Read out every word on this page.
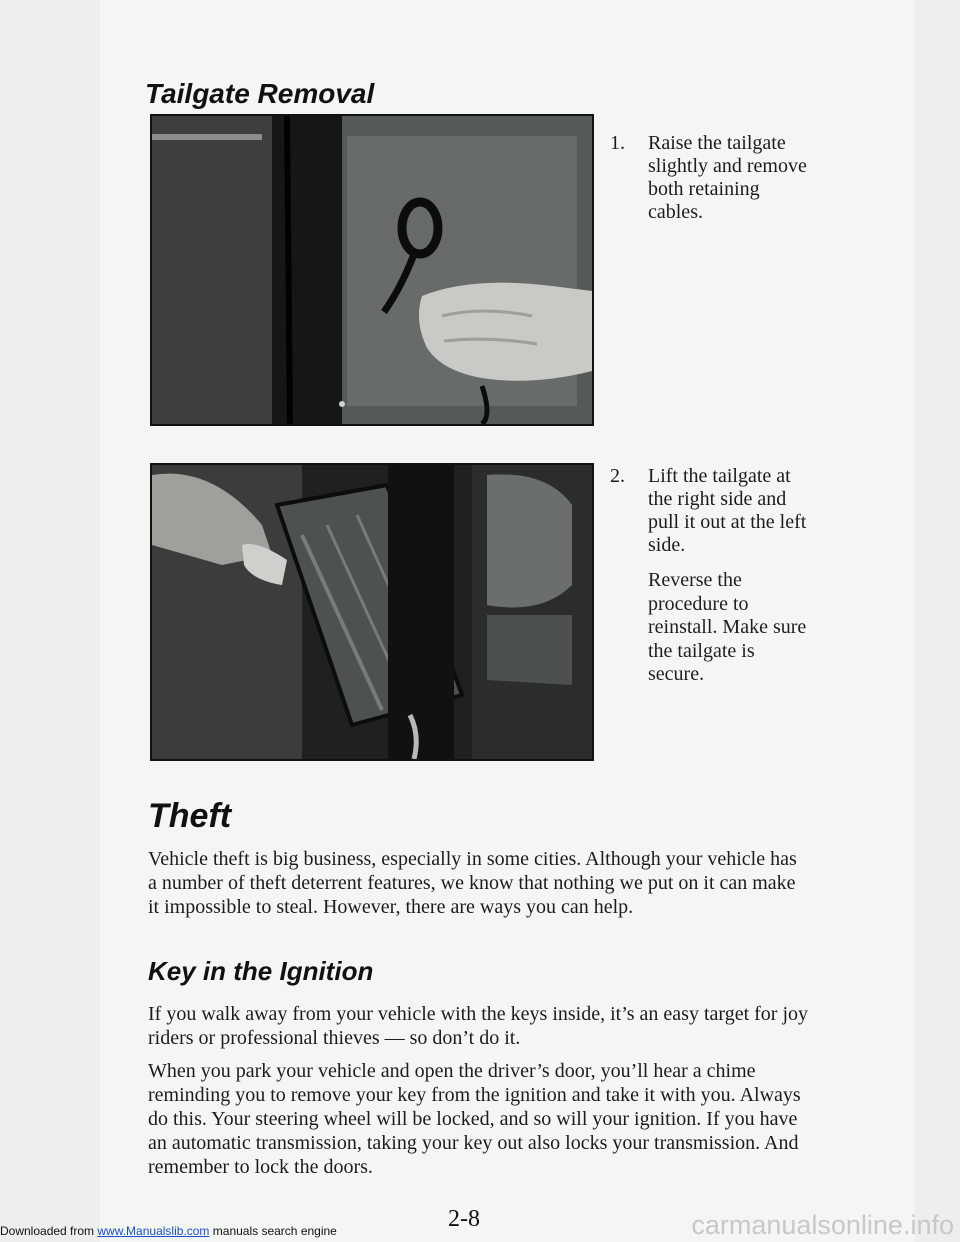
Tailgate Removal
1. Raise the tailgate slightly and remove both retaining cables.
2. Lift the tailgate at the right side and pull it out at the left side.
Reverse the procedure to reinstall. Make sure the tailgate is secure.
Theft

Vehicle theft is big business, especially in some cities. Although your vehicle has a number of theft deterrent features, we know that nothing we put on it can make it impossible to steal. However, there are ways you can help.

Key in the Ignition

If you walk away from your vehicle with the keys inside, it’s an easy target for joy riders or professional thieves — so don’t do it.

When you park your vehicle and open the driver’s door, you’ll hear a chime reminding you to remove your key from the ignition and take it with you. Always do this. Your steering wheel will be locked, and so will your ignition. If you have an automatic transmission, taking your key out also locks your transmission. And remember to lock the doors.

2-8
Downloaded from www.Manualslib.com manuals search engine	carmanualsonline.info
